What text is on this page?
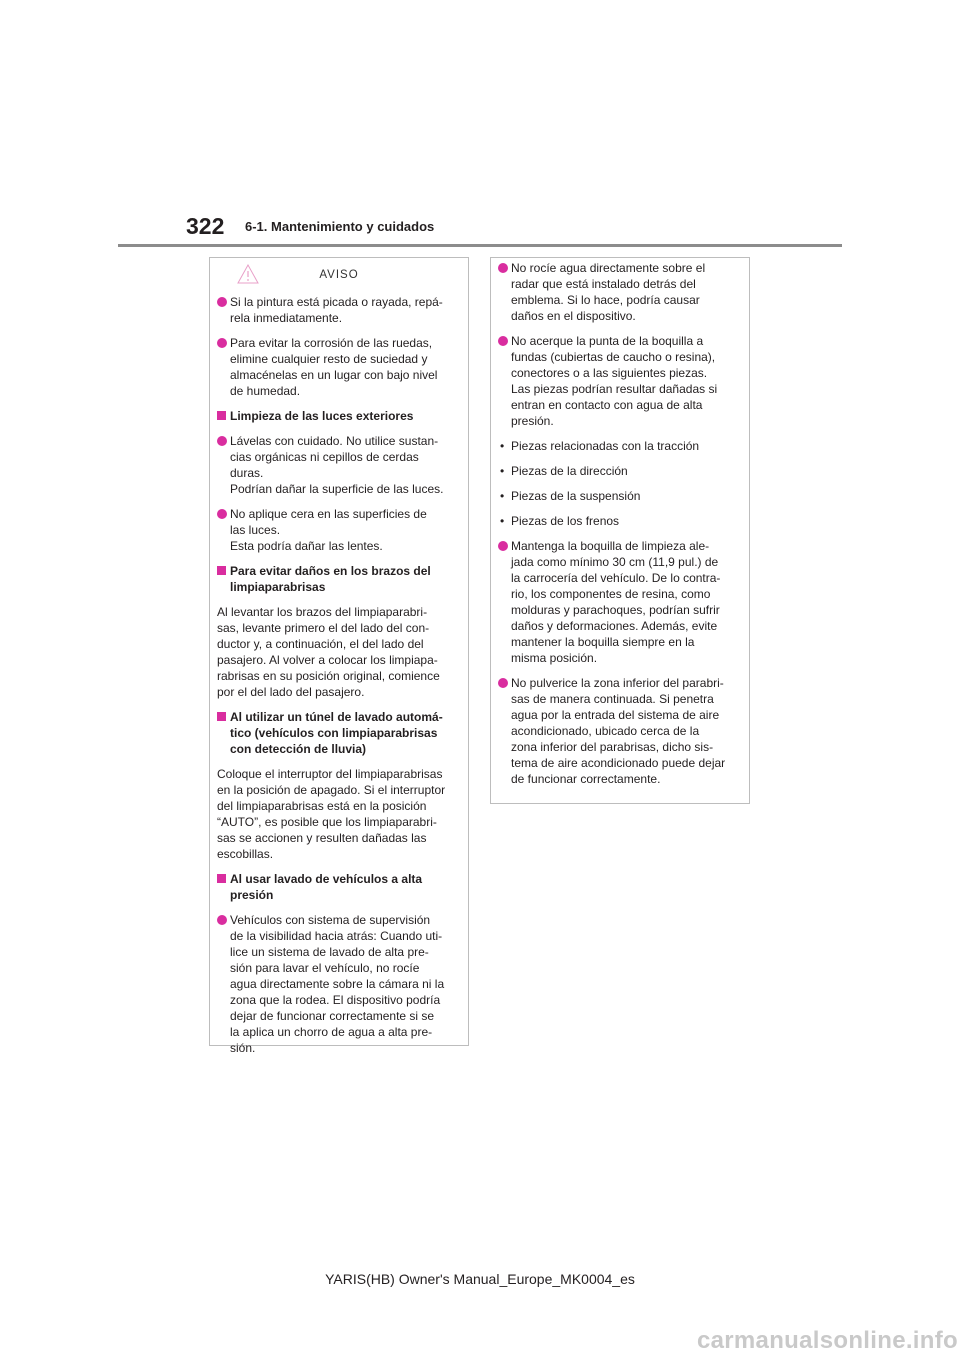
322 6-1. Mantenimiento y cuidados
AVISO
Si la pintura está picada o rayada, repá-
rela inmediatamente.
Para evitar la corrosión de las ruedas,
elimine cualquier resto de suciedad y
almacénelas en un lugar con bajo nivel
de humedad.
Limpieza de las luces exteriores
Lávelas con cuidado. No utilice sustan-
cias orgánicas ni cepillos de cerdas
duras.
Podrían dañar la superficie de las luces.
No aplique cera en las superficies de
las luces.
Esta podría dañar las lentes.
Para evitar daños en los brazos del
limpiaparabrisas
Al levantar los brazos del limpiaparabri-
sas, levante primero el del lado del con-
ductor y, a continuación, el del lado del
pasajero. Al volver a colocar los limpiapa-
rabrisas en su posición original, comience
por el del lado del pasajero.
Al utilizar un túnel de lavado automá-
tico (vehículos con limpiaparabrisas
con detección de lluvia)
Coloque el interruptor del limpiaparabrisas
en la posición de apagado. Si el interruptor
del limpiaparabrisas está en la posición
“AUTO”, es posible que los limpiaparabri-
sas se accionen y resulten dañadas las
escobillas.
Al usar lavado de vehículos a alta
presión
Vehículos con sistema de supervisión
de la visibilidad hacia atrás: Cuando uti-
lice un sistema de lavado de alta pre-
sión para lavar el vehículo, no rocíe
agua directamente sobre la cámara ni la
zona que la rodea. El dispositivo podría
dejar de funcionar correctamente si se
la aplica un chorro de agua a alta pre-
sión.
No rocíe agua directamente sobre el
radar que está instalado detrás del
emblema. Si lo hace, podría causar
daños en el dispositivo.
No acerque la punta de la boquilla a
fundas (cubiertas de caucho o resina),
conectores o a las siguientes piezas.
Las piezas podrían resultar dañadas si
entran en contacto con agua de alta
presión.
• Piezas relacionadas con la tracción
• Piezas de la dirección
• Piezas de la suspensión
• Piezas de los frenos
Mantenga la boquilla de limpieza ale-
jada como mínimo 30 cm (11,9 pul.) de
la carrocería del vehículo. De lo contra-
rio, los componentes de resina, como
molduras y parachoques, podrían sufrir
daños y deformaciones. Además, evite
mantener la boquilla siempre en la
misma posición.
No pulverice la zona inferior del parabri-
sas de manera continuada. Si penetra
agua por la entrada del sistema de aire
acondicionado, ubicado cerca de la
zona inferior del parabrisas, dicho sis-
tema de aire acondicionado puede dejar
de funcionar correctamente.
YARIS(HB) Owner's Manual_Europe_MK0004_es
carmanualsonline.info
